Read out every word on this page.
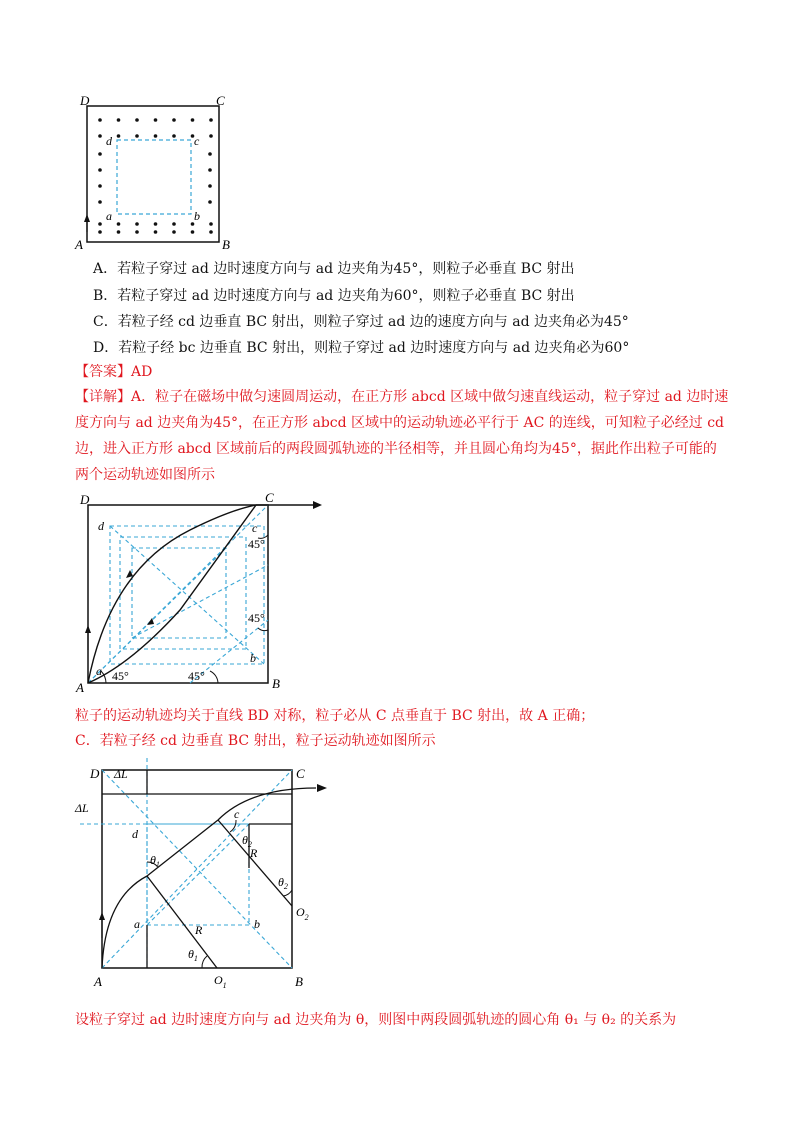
D	C
A	B
d	c
a	b
A．若粒子穿过 ad 边时速度方向与 ad 边夹角为45°，则粒子必垂直 BC 射出
B．若粒子穿过 ad 边时速度方向与 ad 边夹角为60°，则粒子必垂直 BC 射出
C．若粒子经 cd 边垂直 BC 射出，则粒子穿过 ad 边的速度方向与 ad 边夹角必为45°
D．若粒子经 bc 边垂直 BC 射出，则粒子穿过 ad 边时速度方向与 ad 边夹角必为60°
【答案】AD
【详解】A．粒子在磁场中做匀速圆周运动，在正方形 abcd 区域中做匀速直线运动，粒子穿过 ad 边时速度方向与 ad 边夹角为45°，在正方形 abcd 区域中的运动轨迹必平行于 AC 的连线，可知粒子必经过 cd 边，进入正方形 abcd 区域前后的两段圆弧轨迹的半径相等，并且圆心角均为45°，据此作出粒子可能的两个运动轨迹如图所示
D	C
A	B
d	c
a
b
45°	45°
45°
45°
粒子的运动轨迹均关于直线 BD 对称，粒子必从 C 点垂直于 BC 射出，故 A 正确；
C．若粒子经 cd 边垂直 BC 射出，粒子运动轨迹如图所示
D ΔL
ΔL
C
A	B
d
c
a	b
R
R
$\theta_1$
$\theta_1$
$\theta_2$
$\theta_2$
$O_1$
$O_2$
设粒子穿过 ad 边时速度方向与 ad 边夹角为 θ，则图中两段圆弧轨迹的圆心角 θ₁ 与 θ₂ 的关系为
